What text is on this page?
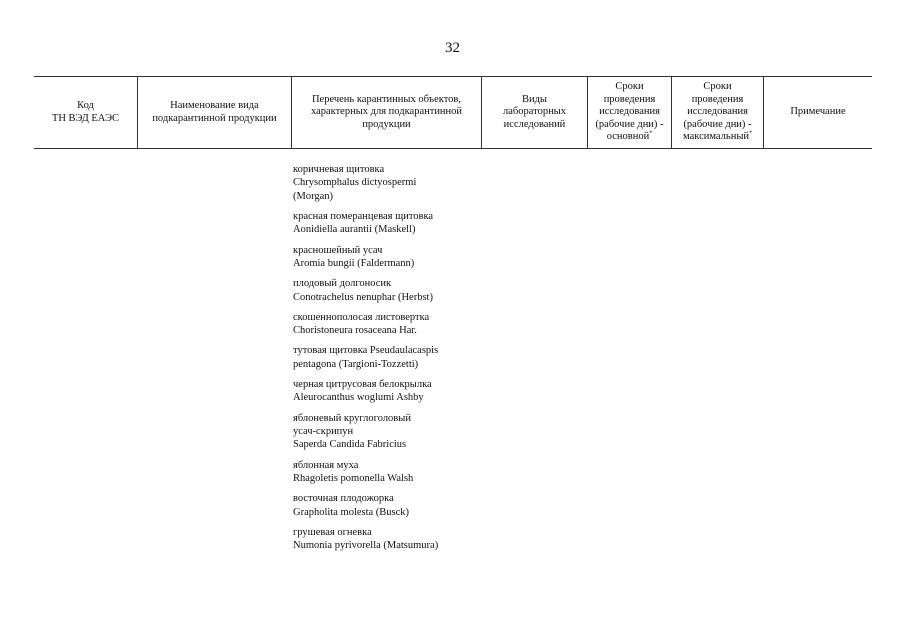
32
Код
ТН ВЭД ЕАЭС
Наименование вида
подкарантинной продукции
Перечень карантинных объектов,
характерных для подкарантинной
продукции
Виды
лабораторных
исследований
Сроки
проведения
исследования
(рабочие дни) -
основной*
Сроки
проведения
исследования
(рабочие дни) -
максимальный*
Примечание
коричневая щитовка
Chrysomphalus dictyospermi
(Morgan)
красная померанцевая щитовка
Aonidiella aurantii (Maskell)
красношейный усач
Aromia bungii (Faldermann)
плодовый долгоносик
Conotrachelus nenuphar (Herbst)
скошеннополосая листовертка
Choristoneura rosaceana Har.
тутовая щитовка Pseudaulacaspis
pentagona (Targioni-Tozzetti)
черная цитрусовая белокрылка
Aleurocanthus woglumi Ashby
яблоневый круглоголовый
усач-скрипун
Saperda Candida Fabricius
яблонная муха
Rhagoletis pomonella Walsh
восточная плодожорка
Grapholita molesta (Busck)
грушевая огневка
Numonia pyrivorella (Matsumura)
